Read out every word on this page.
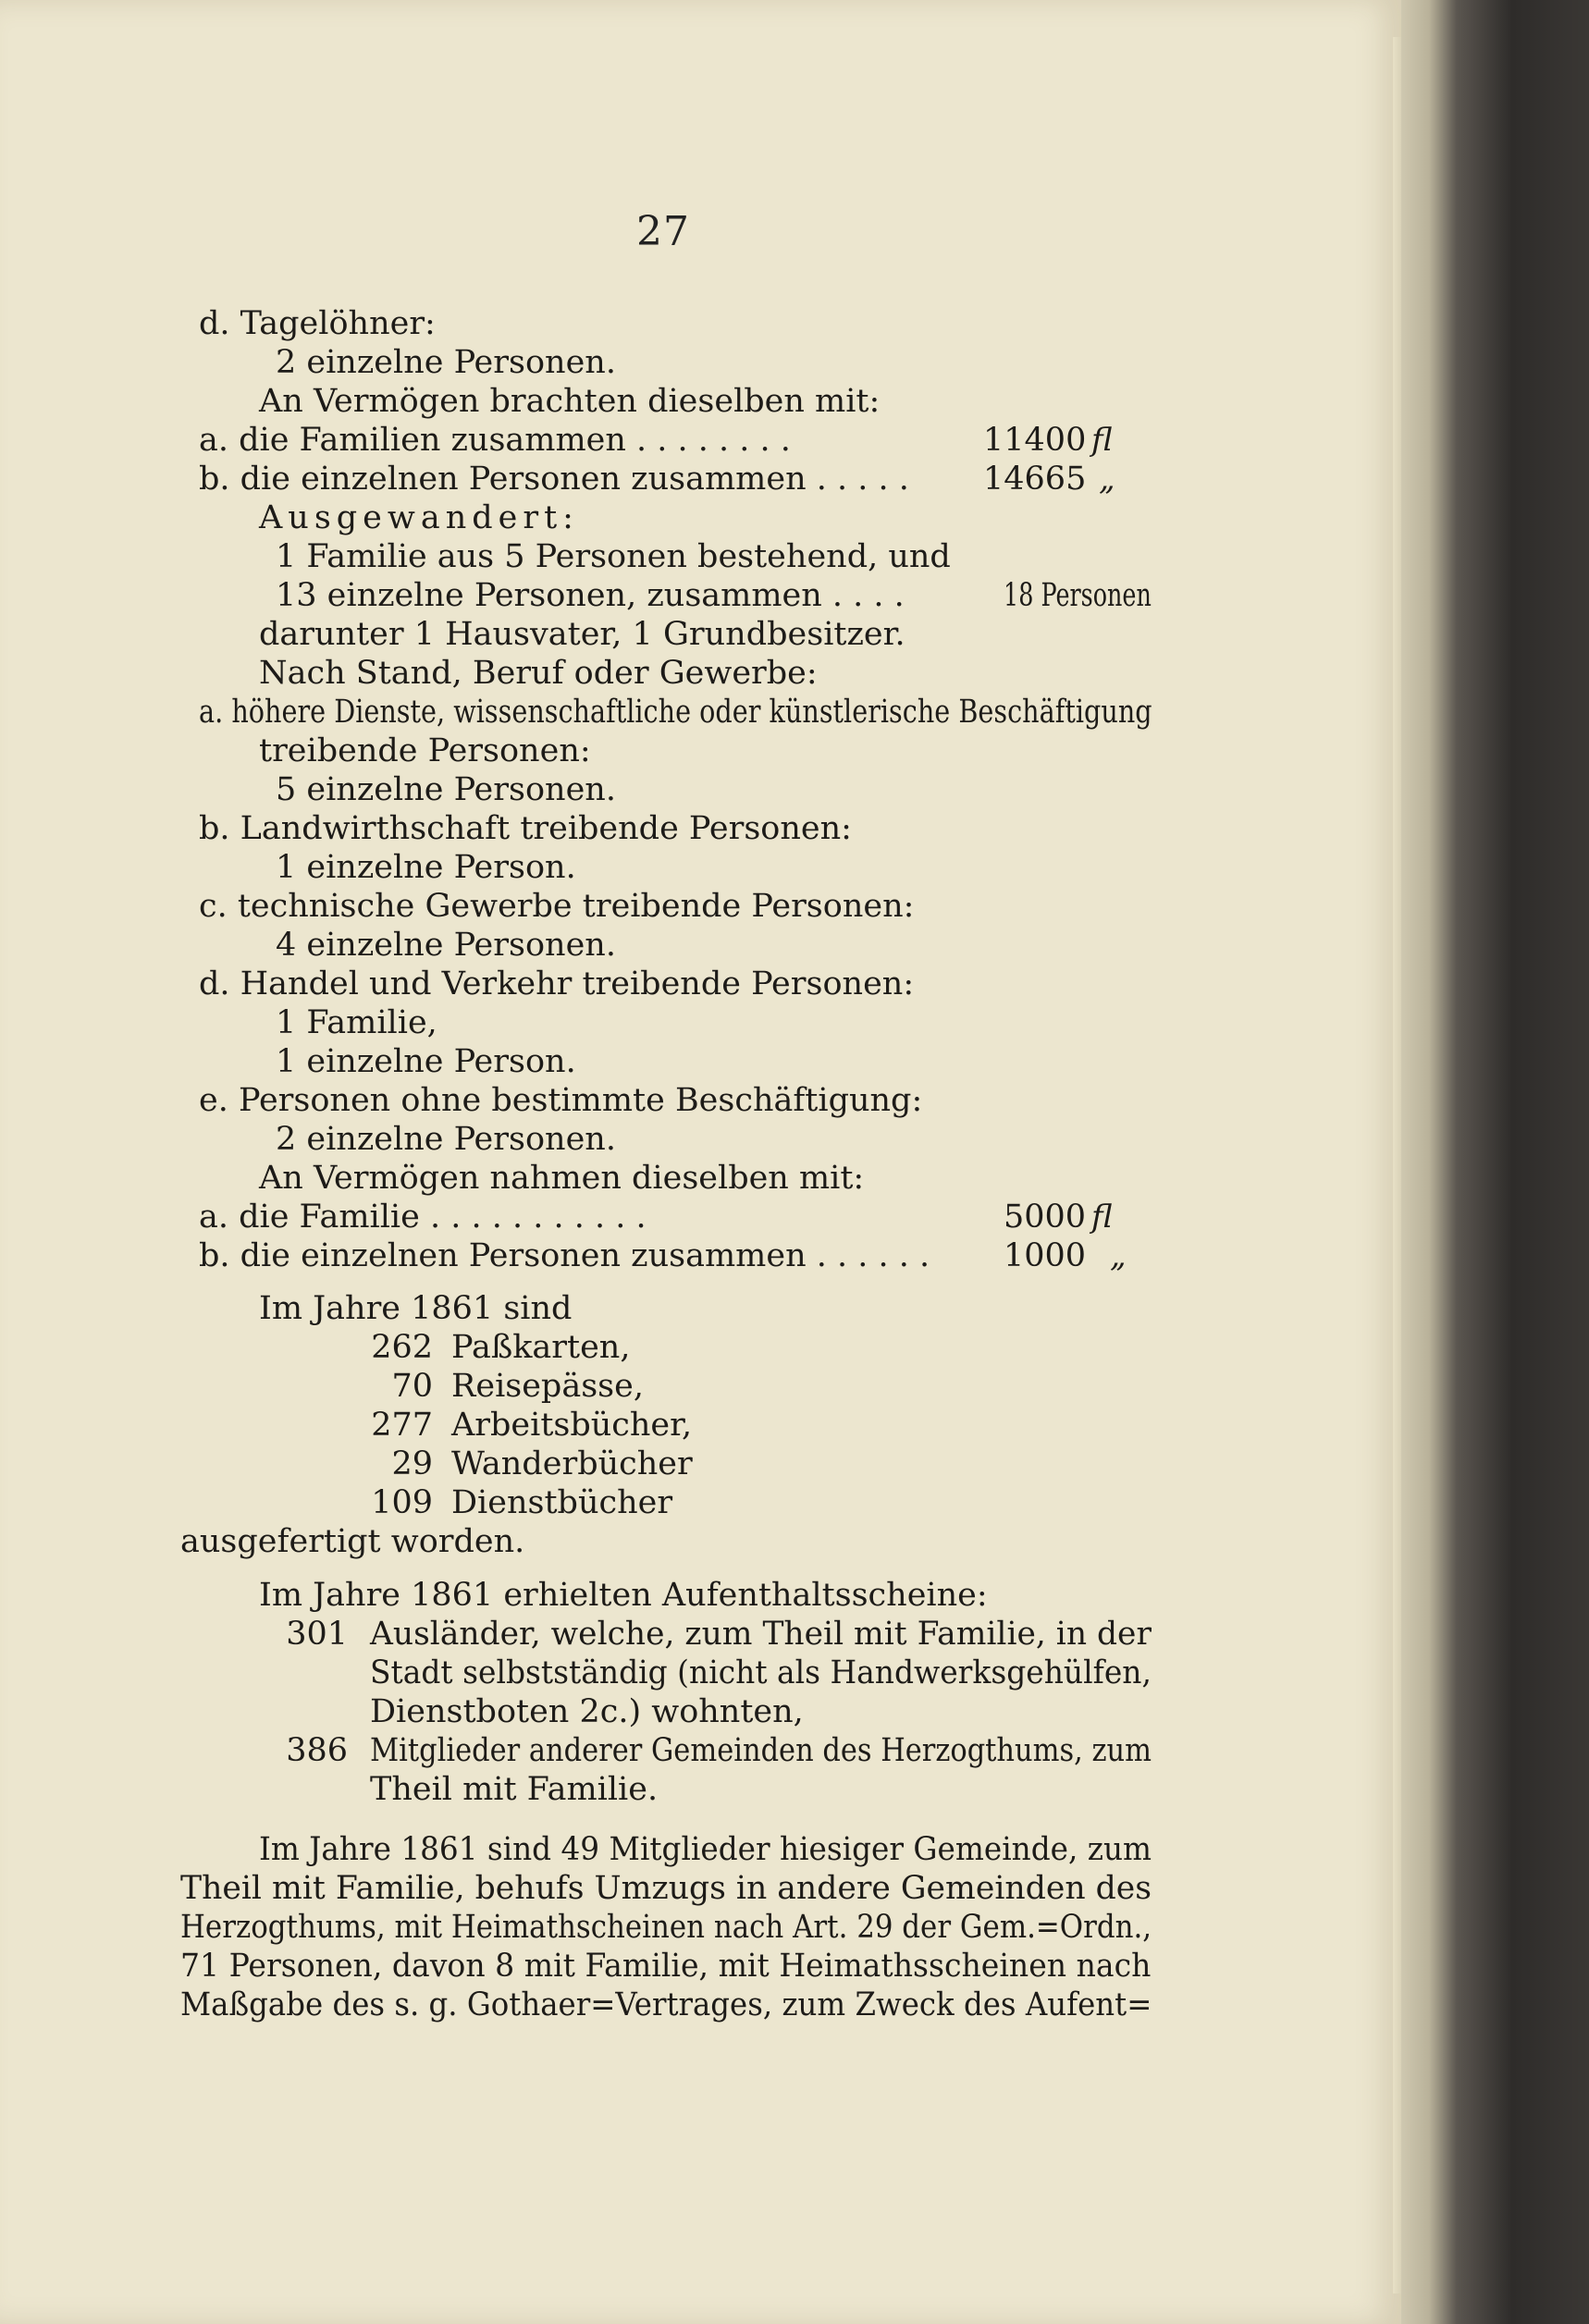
27
d. Tagelöhner:
2 einzelne Personen.
An Vermögen brachten dieselben mit:
a. die Familien zusammen . . . . . . . .	11400 fl
b. die einzelnen Personen zusammen . . . . . 14665 „
Ausgewandert:
1 Familie aus 5 Personen bestehend, und
13 einzelne Personen, zusammen . . . .	18 Personen
darunter 1 Hausvater, 1 Grundbesitzer.
Nach Stand, Beruf oder Gewerbe:
a. höhere Dienste, wissenschaftliche oder künstlerische Beschäftigung
treibende Personen:
5 einzelne Personen.
b. Landwirthschaft treibende Personen:
1 einzelne Person.
c. technische Gewerbe treibende Personen:
4 einzelne Personen.
d. Handel und Verkehr treibende Personen:
1 Familie,
1 einzelne Person.
e. Personen ohne bestimmte Beschäftigung:
2 einzelne Personen.
An Vermögen nahmen dieselben mit:
a. die Familie . . . . . . . . . . .	5000 fl
b. die einzelnen Personen zusammen . . . . . . 1000 „
Im Jahre 1861 sind
262 Paßkarten,
70 Reisepässe,
277 Arbeitsbücher,
29 Wanderbücher
109 Dienstbücher
ausgefertigt worden.
Im Jahre 1861 erhielten Aufenthaltsscheine:
301 Ausländer, welche, zum Theil mit Familie, in der
Stadt selbstständig (nicht als Handwerksgehülfen,
Dienstboten 2c.) wohnten,
386 Mitglieder anderer Gemeinden des Herzogthums, zum
Theil mit Familie.
Im Jahre 1861 sind 49 Mitglieder hiesiger Gemeinde, zum
Theil mit Familie, behufs Umzugs in andere Gemeinden des
Herzogthums, mit Heimathscheinen nach Art. 29 der Gem.=Ordn.,
71 Personen, davon 8 mit Familie, mit Heimathsscheinen nach
Maßgabe des s. g. Gothaer=Vertrages, zum Zweck des Aufent=
